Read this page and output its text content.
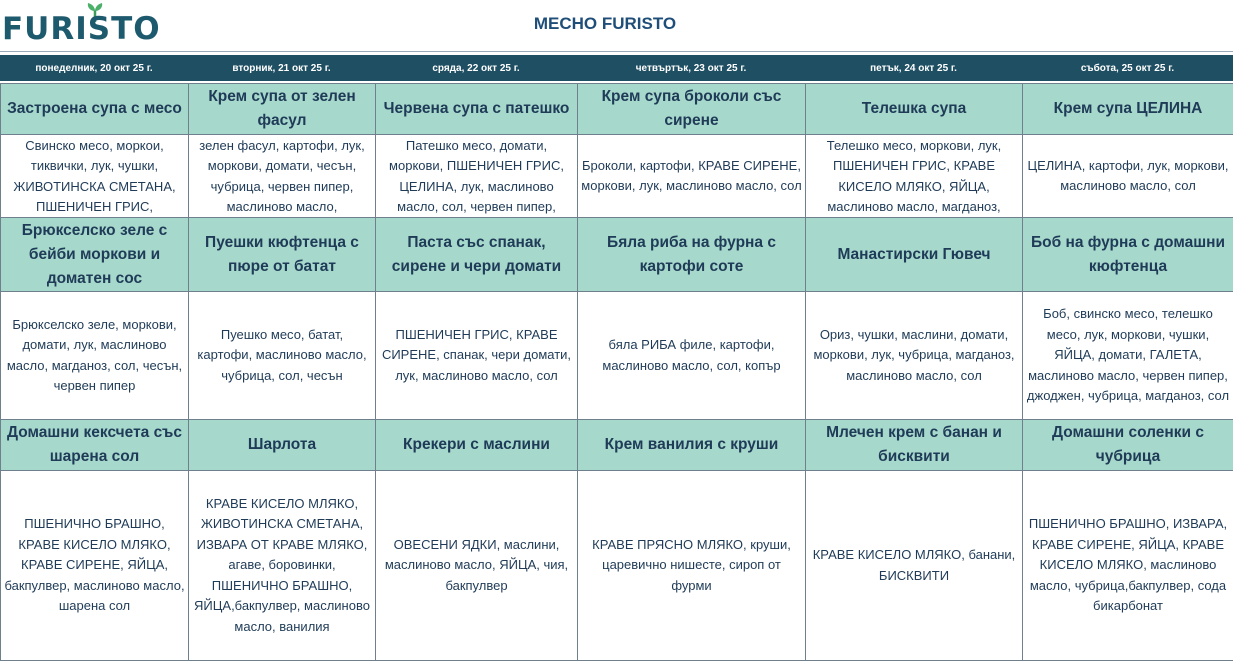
FURISTO	МЕСНО FURISTO
понеделник, 20 окт 25 г.	вторник, 21 окт 25 г.	сряда, 22 окт 25 г.	четвъртък, 23 окт 25 г.	петък, 24 окт 25 г.	събота, 25 окт 25 г.
Застроена супа с месо	Крем супа от зелен фасул	Червена супа с патешко	Крем супа броколи със сирене	Телешка супа	Крем супа ЦЕЛИНА

Свинско месо, моркои, тиквички, лук, чушки, ЖИВОТИНСКА СМЕТАНА, ПШЕНИЧЕН ГРИС,	зелен фасул, картофи, лук, моркови, домати, чесън, чубрица, червен пипер, маслиново масло,	Патешко месо, домати, моркови, ПШЕНИЧЕН ГРИС, ЦЕЛИНА, лук, маслиново масло, сол, червен пипер,	Броколи, картофи, КРАВЕ СИРЕНЕ, моркови, лук, маслиново масло, сол	Телешко месо, моркови, лук, ПШЕНИЧЕН ГРИС, КРАВЕ КИСЕЛО МЛЯКО, ЯЙЦА, маслиново масло, магданоз,	ЦЕЛИНА, картофи, лук, моркови, маслиново масло, сол

Брюкселско зеле с бейби моркови и доматен сос	Пуешки кюфтенца с пюре от батат	Паста със спанак, сирене и чери домати	Бяла риба на фурна с картофи соте	Манастирски Гювеч	Боб на фурна с домашни кюфтенца

Брюкселско зеле, моркови, домати, лук, маслиново масло, магданоз, сол, чесън, червен пипер	Пуешко месо, батат, картофи, маслиново масло, чубрица, сол, чесън	ПШЕНИЧЕН ГРИС, КРАВЕ СИРЕНЕ, спанак, чери домати, лук, маслиново масло, сол	бяла РИБА филе, картофи, маслиново масло, сол, копър	Ориз, чушки, маслини, домати, моркови, лук, чубрица, магданоз, маслиново масло, сол	Боб, свинско месо, телешко месо, лук, моркови, чушки, ЯЙЦА, домати, ГАЛЕТА, маслиново масло, червен пипер, джоджен, чубрица, магданоз, сол

Домашни кексчета със шарена сол	Шарлота	Крекери с маслини	Крем ванилия с круши	Млечен крем с банан и бисквити	Домашни соленки с чубрица

ПШЕНИЧНО БРАШНО, КРАВЕ КИСЕЛО МЛЯКО, КРАВЕ СИРЕНЕ, ЯЙЦА, бакпулвер, маслиново масло, шарена сол	КРАВЕ КИСЕЛО МЛЯКО, ЖИВОТИНСКА СМЕТАНА, ИЗВАРА ОТ КРАВЕ МЛЯКО, агаве, боровинки, ПШЕНИЧНО БРАШНО, ЯЙЦА,бакпулвер, маслиново масло, ванилия	ОВЕСЕНИ ЯДКИ, маслини, маслиново масло, ЯЙЦА, чия, бакпулвер	КРАВЕ ПРЯСНО МЛЯКО, круши, царевично нишесте, сироп от фурми	КРАВЕ КИСЕЛО МЛЯКО, банани, БИСКВИТИ	ПШЕНИЧНО БРАШНО, ИЗВАРА, КРАВЕ СИРЕНЕ, ЯЙЦА, КРАВЕ КИСЕЛО МЛЯКО, маслиново масло, чубрица,бакпулвер, сода бикарбонат
